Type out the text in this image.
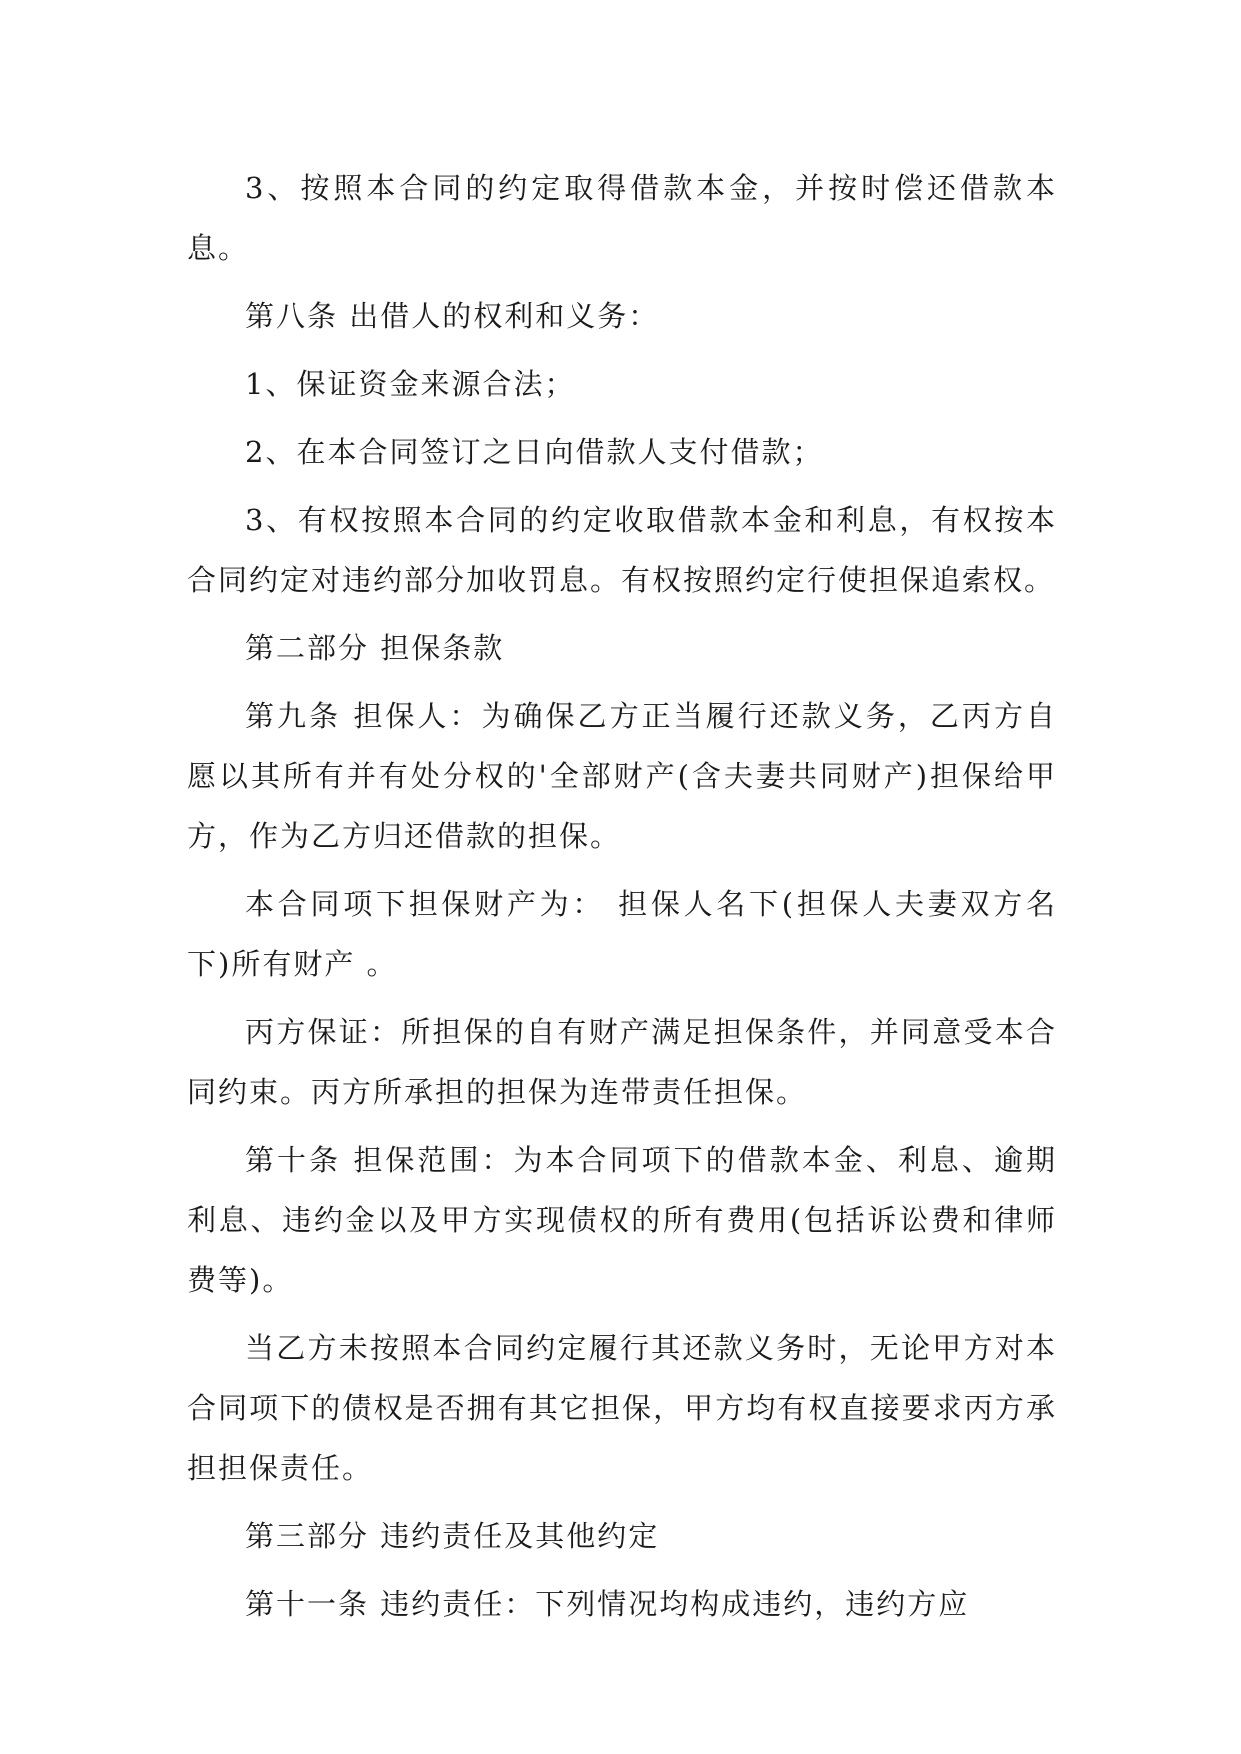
3、按照本合同的约定取得借款本金，并按时偿还借款本息。

第八条 出借人的权利和义务：

1、保证资金来源合法；

2、在本合同签订之日向借款人支付借款；

3、有权按照本合同的约定收取借款本金和利息，有权按本合同约定对违约部分加收罚息。有权按照约定行使担保追索权。

第二部分 担保条款

第九条 担保人：为确保乙方正当履行还款义务，乙丙方自愿以其所有并有处分权的'全部财产(含夫妻共同财产)担保给甲方，作为乙方归还借款的担保。

本合同项下担保财产为： 担保人名下(担保人夫妻双方名下)所有财产 。

丙方保证：所担保的自有财产满足担保条件，并同意受本合同约束。丙方所承担的担保为连带责任担保。

第十条 担保范围：为本合同项下的借款本金、利息、逾期利息、违约金以及甲方实现债权的所有费用(包括诉讼费和律师费等)。

当乙方未按照本合同约定履行其还款义务时，无论甲方对本合同项下的债权是否拥有其它担保，甲方均有权直接要求丙方承担担保责任。

第三部分 违约责任及其他约定

第十一条 违约责任：下列情况均构成违约，违约方应
